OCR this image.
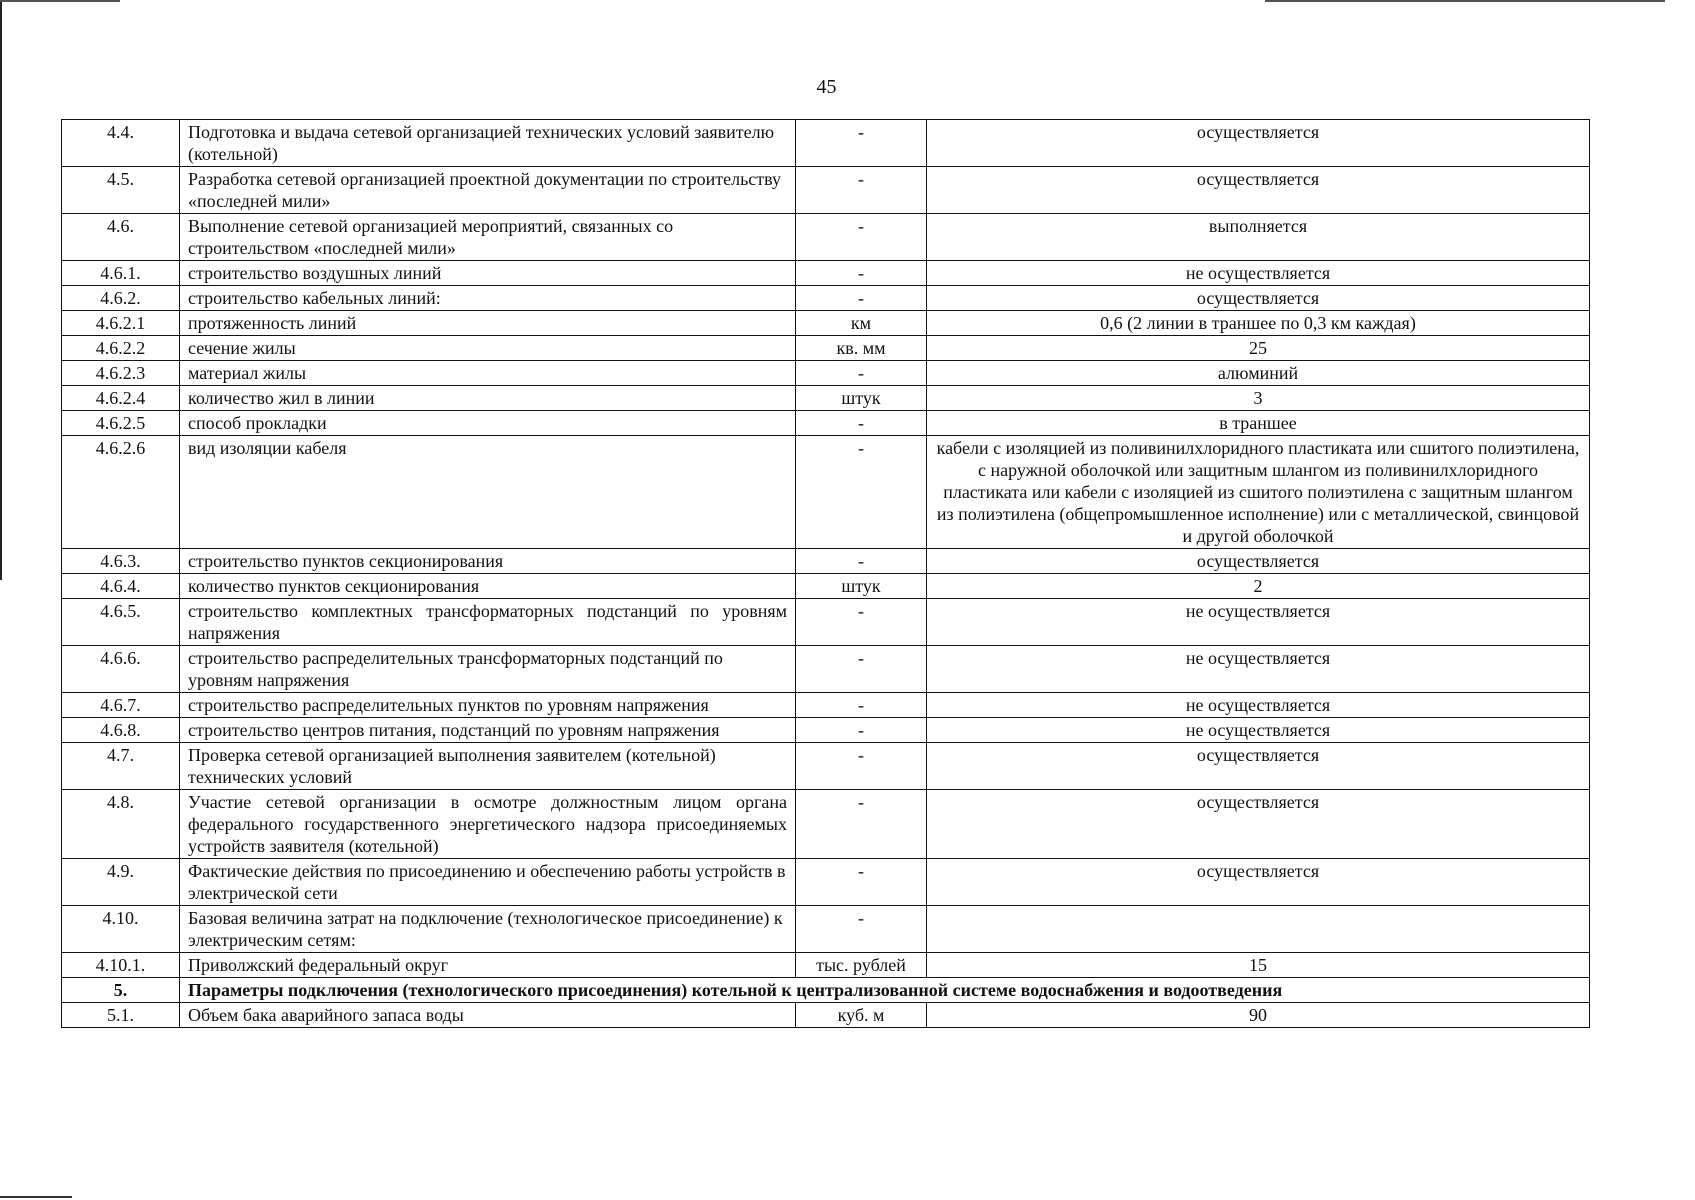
45
4.4.	Подготовка и выдача сетевой организацией технических условий заявителю (котельной)	-	осуществляется
4.5.	Разработка сетевой организацией проектной документации по строительству «последней мили»	-	осуществляется
4.6.	Выполнение сетевой организацией мероприятий, связанных со строительством «последней мили»	-	выполняется
4.6.1.	строительство воздушных линий	-	не осуществляется
4.6.2.	строительство кабельных линий:	-	осуществляется
4.6.2.1	протяженность линий	км	0,6 (2 линии в траншее по 0,3 км каждая)
4.6.2.2	сечение жилы	кв. мм	25
4.6.2.3	материал жилы	-	алюминий
4.6.2.4	количество жил в линии	штук	3
4.6.2.5	способ прокладки	-	в траншее
4.6.2.6	вид изоляции кабеля	-	кабели с изоляцией из поливинилхлоридного пластиката или сшитого полиэтилена, с наружной оболочкой или защитным шлангом из поливинилхлоридного пластиката или кабели с изоляцией из сшитого полиэтилена с защитным шлангом из полиэтилена (общепромышленное исполнение) или с металлической, свинцовой и другой оболочкой
4.6.3.	строительство пунктов секционирования	-	осуществляется
4.6.4.	количество пунктов секционирования	штук	2
4.6.5.	строительство комплектных трансформаторных подстанций по уровням напряжения	-	не осуществляется
4.6.6.	строительство распределительных трансформаторных подстанций по уровням напряжения	-	не осуществляется
4.6.7.	строительство распределительных пунктов по уровням напряжения	-	не осуществляется
4.6.8.	строительство центров питания, подстанций по уровням напряжения	-	не осуществляется
4.7.	Проверка сетевой организацией выполнения заявителем (котельной) технических условий	-	осуществляется
4.8.	Участие сетевой организации в осмотре должностным лицом органа федерального государственного энергетического надзора присоединяемых устройств заявителя (котельной)	-	осуществляется
4.9.	Фактические действия по присоединению и обеспечению работы устройств в электрической сети	-	осуществляется
4.10.	Базовая величина затрат на подключение (технологическое присоединение) к электрическим сетям:	-	
4.10.1.	Приволжский федеральный округ	тыс. рублей	15
5.	Параметры подключения (технологического присоединения) котельной к централизованной системе водоснабжения и водоотведения		
5.1.	Объем бака аварийного запаса воды	куб. м	90
